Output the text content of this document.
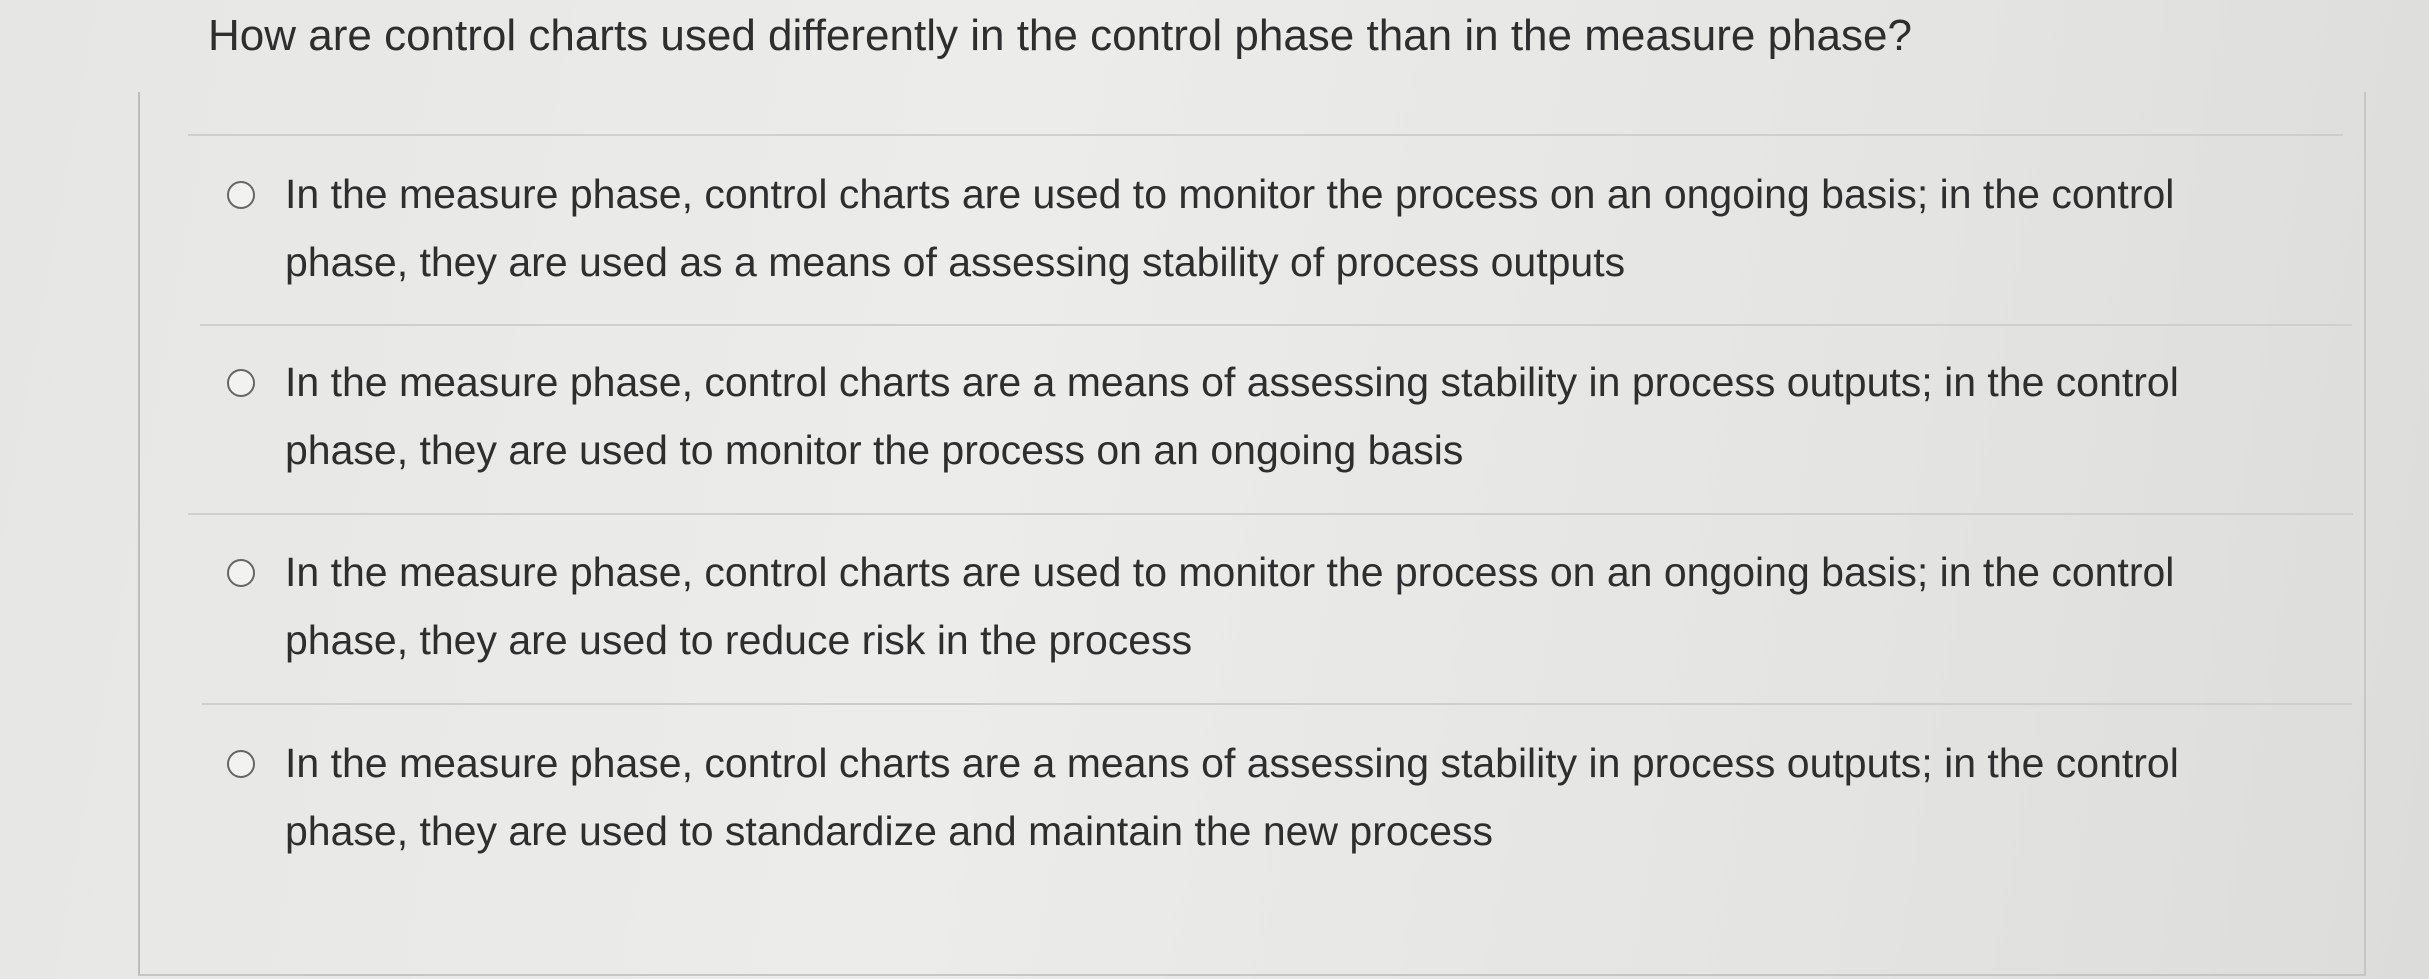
How are control charts used differently in the control phase than in the measure phase?
In the measure phase, control charts are used to monitor the process on an ongoing basis; in the control
phase, they are used as a means of assessing stability of process outputs
In the measure phase, control charts are a means of assessing stability in process outputs; in the control
phase, they are used to monitor the process on an ongoing basis
In the measure phase, control charts are used to monitor the process on an ongoing basis; in the control
phase, they are used to reduce risk in the process
In the measure phase, control charts are a means of assessing stability in process outputs; in the control
phase, they are used to standardize and maintain the new process
